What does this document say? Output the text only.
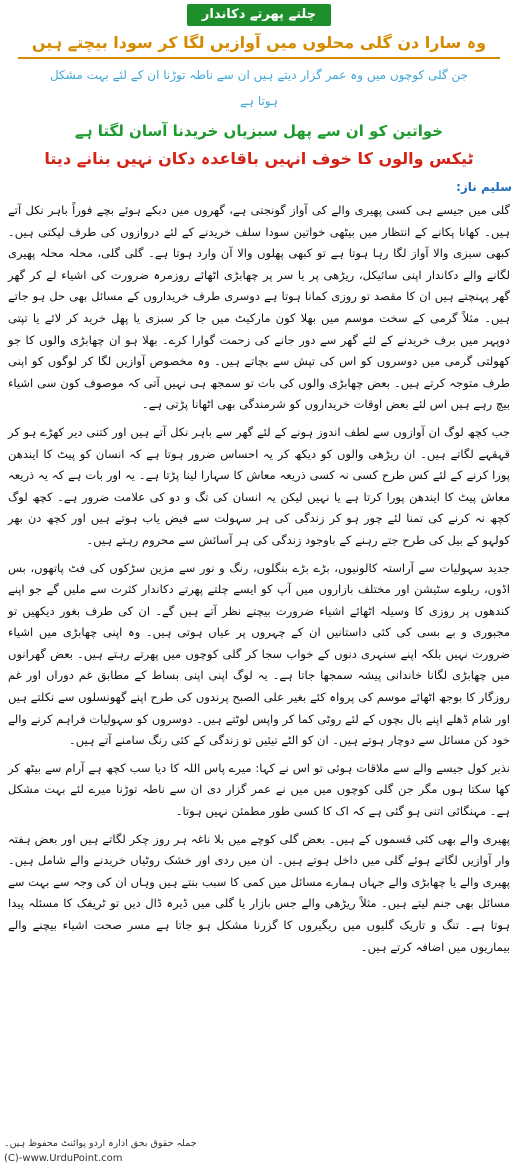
چلتے پھرتے دکاندار
وہ سارا دن گلی محلوں میں آوازیں لگا کر سودا بیچتے ہیں
جن گلی کوچوں میں وہ عمر گزار دیتے ہیں ان سے ناطہ توڑنا ان کے لئے بہت مشکل ہوتا ہے
خواتین کو ان سے پھل سبزیاں خریدنا آسان لگتا ہے
ٹیکس والوں کا خوف انہیں باقاعدہ دکان نہیں بنانے دیتا
سلیم ناز:

گلی میں جیسے ہی کسی پھیری والے کی آواز گونجتی ہے، گھروں میں دبکے ہوئے بچے فوراً باہر نکل آتے ہیں۔ کھانا پکانے کے انتظار میں بیٹھی خواتین سودا سلف خریدنے کے لئے دروازوں کی طرف لپکتی ہیں۔ کبھی سبزی والا آواز لگا رہا ہوتا ہے تو کبھی پھلوں والا آن وارد ہوتا ہے۔ گلی گلی، محلہ محلہ پھیری لگانے والے دکاندار اپنی سائیکل، ریڑھی پر یا سر پر چھابڑی اٹھائے روزمرہ ضرورت کی اشیاء لے کر گھر گھر پہنچتے ہیں ان کا مقصد تو روزی کمانا ہوتا ہے دوسری طرف خریداروں کے مسائل بھی حل ہو جاتے ہیں۔ مثلاً گرمی کے سخت موسم میں بھلا کون مارکیٹ میں جا کر سبزی یا پھل خرید کر لائے یا تپتی دوپہر میں برف خریدنے کے لئے گھر سے دور جانے کی زحمت گوارا کرے۔ بھلا ہو ان چھابڑی والوں کا جو کھولتی گرمی میں دوسروں کو اس کی تپش سے بچاتے ہیں۔ وہ مخصوص آوازیں لگا کر لوگوں کو اپنی طرف متوجہ کرتے ہیں۔ بعض چھابڑی والوں کی بات تو سمجھ ہی نہیں آتی کہ موصوف کون سی اشیاء بیچ رہے ہیں اس لئے بعض اوقات خریداروں کو شرمندگی بھی اٹھانا پڑتی ہے۔

جب کچھ لوگ ان آوازوں سے لطف اندوز ہونے کے لئے گھر سے باہر نکل آتے ہیں اور کتنی دیر کھڑے ہو کر قہقہے لگاتے ہیں۔ ان ریڑھی والوں کو دیکھ کر یہ احساس ضرور ہوتا ہے کہ انسان کو پیٹ کا ایندھن پورا کرنے کے لئے کس طرح کسی نہ کسی ذریعہ معاش کا سہارا لینا پڑتا ہے۔ یہ اور بات ہے کہ یہ ذریعہ معاش پیٹ کا ایندھن پورا کرتا ہے یا نہیں لیکن یہ انسان کی تگ و دو کی علامت ضرور ہے۔ کچھ لوگ کچھ نہ کرنے کی تمنا لئے چور ہو کر زندگی کی ہر سہولت سے فیض یاب ہوتے ہیں اور کچھ دن بھر کولہو کے بیل کی طرح جتے رہنے کے باوجود زندگی کی ہر آسائش سے محروم رہتے ہیں۔

جدید سہولیات سے آراستہ کالونیوں، بڑے بڑے بنگلوں، رنگ و نور سے مزین سڑکوں کی فٹ پاتھوں، بس اڈوں، ریلوے سٹیشن اور مختلف بازاروں میں آپ کو ایسے چلتے پھرتے دکاندار کثرت سے ملیں گے جو اپنے کندھوں پر روزی کا وسیلہ اٹھائے اشیاء ضرورت بیچتے نظر آتے ہیں گے۔ ان کی طرف بغور دیکھیں تو مجبوری و بے بسی کی کئی داستانیں ان کے چہروں پر عیاں ہوتی ہیں۔ وہ اپنی چھابڑی میں اشیاء ضرورت نہیں بلکہ اپنے سنہری دنوں کے خواب سجا کر گلی کوچوں میں پھرتے رہتے ہیں۔ بعض گھرانوں میں چھابڑی لگانا خاندانی پیشہ سمجھا جاتا ہے۔ یہ لوگ اپنی اپنی بساط کے مطابق غم دوراں اور غم روزگار کا بوجھ اٹھائے موسم کی پرواہ کئے بغیر علی الصبح پرندوں کی طرح اپنے گھونسلوں سے نکلتے ہیں اور شام ڈھلے اپنے بال بچوں کے لئے روٹی کما کر واپس لوٹتے ہیں۔ دوسروں کو سہولیات فراہم کرنے والے خود کن مسائل سے دوچار ہوتے ہیں۔ ان کو الٹے تیئیں تو زندگی کے کئی رنگ سامنے آتے ہیں۔

نذیر کول جیسے والے سے ملاقات ہوئی تو اس نے کہا: میرے پاس اللہ کا دیا سب کچھ ہے آرام سے بیٹھ کر کھا سکتا ہوں مگر جن گلی کوچوں میں میں نے عمر گزار دی ان سے ناطہ توڑنا میرے لئے بہت مشکل ہے۔ مہنگائی اتنی ہو گئی ہے کہ اک کا کسی طور مطمئن نہیں ہوتا۔

پھیری والے بھی کئی قسموں کے ہیں۔ بعض گلی کوچے میں بلا ناغہ ہر روز چکر لگاتے ہیں اور بعض ہفتہ وار آوازیں لگاتے ہوئے گلی میں داخل ہوتے ہیں۔ ان میں ردی اور خشک روٹیاں خریدنے والے شامل ہیں۔ پھیری والے یا چھابڑی والے جہاں ہمارے مسائل میں کمی کا سبب بنتے ہیں وہاں ان کی وجہ سے بہت سے مسائل بھی جنم لیتے ہیں۔ مثلاً ریڑھی والے جس بازار یا گلی میں ڈیرہ ڈال دیں تو ٹریفک کا مسئلہ پیدا ہوتا ہے۔ تنگ و تاریک گلیوں میں ریگیروں کا گزرنا مشکل ہو جاتا ہے مسر صحت اشیاء بیچنے والے بیماریوں میں اضافہ کرتے ہیں۔

جملہ حقوق بحق ادارہ اردو پوائنٹ محفوظ ہیں۔
(C)-www.UrduPoint.com
